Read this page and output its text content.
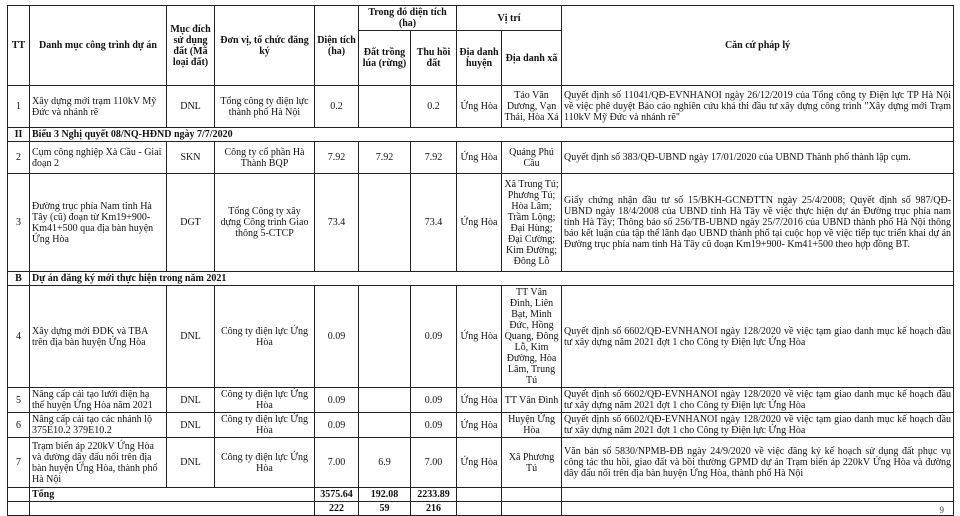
TT	Danh mục công trình dự án	Mục đích sử dụng đất (Mã loại đất)	Đơn vị, tổ chức đăng ký	Diện tích (ha)	Trong đó diện tích (ha)		Vị trí		Căn cứ pháp lý
					Đất trồng lúa (rừng)	Thu hồi đất	Địa danh huyện	Địa danh xã	
1	Xây dựng mới trạm 110kV Mỹ Đức và nhánh rẽ	DNL	Tổng công ty điện lực thành phố Hà Nội	0.2		0.2	Ứng Hòa	Tảo Văn Dương, Vạn Thái, Hòa Xá	Quyết định số 11041/QĐ-EVNHANOI ngày 26/12/2019 của Tổng công ty Điện lực TP Hà Nội về việc phê duyệt Báo cáo nghiên cứu khả thi đầu tư xây dựng công trình "Xây dựng mới Trạm 110kV Mỹ Đức và nhánh rẽ"
II	Biểu 3 Nghị quyết 08/NQ-HĐND ngày 7/7/2020								
2	Cụm công nghiệp Xà Cầu - Giai đoạn 2	SKN	Công ty cổ phần Hà Thành BQP	7.92	7.92	7.92	Ứng Hòa	Quảng Phú Cầu	Quyết định số 383/QĐ-UBND ngày 17/01/2020 của UBND Thành phố thành lập cụm.
3	Đường trục phía Nam tỉnh Hà Tây (cũ) đoạn từ Km19+900-Km41+500 qua địa bàn huyện Ứng Hòa	DGT	Tổng Công ty xây dựng Công trình Giao thông 5-CTCP	73.4		73.4	Ứng Hòa	Xã Trung Tú; Phương Tú; Hòa Lâm; Trầm Lộng; Đại Hùng; Đại Cường; Kim Đường; Đông Lỗ	Giấy chứng nhận đầu tư số 15/BKH-GCNĐTTN ngày 25/4/2008; Quyết định số 987/QĐ-UBND ngày 18/4/2008 của UBND tỉnh Hà Tây về việc thực hiện dự án Đường trục phía nam tỉnh Hà Tây; Thông báo số 256/TB-UBND ngày 25/7/2016 của UBND thành phố Hà Nội thông báo kết luận của tập thể lãnh đạo UBND thành phố tại cuộc họp về việc tiếp tục triển khai dự án Đường trục phía nam tỉnh Hà Tây cũ đoạn Km19+900- Km41+500 theo hợp đồng BT.
B	Dự án đăng ký mới thực hiện trong năm 2021								
4	Xây dựng mới ĐDK và TBA trên địa bàn huyện Ứng Hòa	DNL	Công ty điện lực Ứng Hòa	0.09		0.09	Ứng Hòa	TT Vân Đình, Liên Bạt, Minh Đức, Hồng Quang, Đông Lỗ, Kim Đường, Hòa Lâm, Trung Tú	Quyết định số 6602/QĐ-EVNHANOI ngày 128/2020 về việc tạm giao danh mục kế hoạch đầu tư xây dựng năm 2021 đợt 1 cho Công ty Điện lực Ứng Hòa
5	Nâng cấp cải tạo lưới điện hạ thế huyện Ứng Hòa năm 2021	DNL	Công ty điện lực Ứng Hòa	0.09		0.09	Ứng Hòa	TT Vân Đình	Quyết định số 6602/QĐ-EVNHANOI ngày 128/2020 về việc tạm giao danh mục kế hoạch đầu tư xây dựng năm 2021 đợt 1 cho Công ty Điện lực Ứng Hòa
6	Nâng cấp cải tạo các nhánh lộ 375E10.2 379E10.2	DNL	Công ty điện lực Ứng Hòa	0.09		0.09	Ứng Hòa	Huyện Ứng Hòa	Quyết định số 6602/QĐ-EVNHANOI ngày 128/2020 về việc tạm giao danh mục kế hoạch đầu tư xây dựng năm 2021 đợt 1 cho Công ty Điện lực Ứng Hòa
7	Trạm biến áp 220kV Ứng Hòa và đường dây đấu nối trên địa bàn huyện Ứng Hòa, thành phố Hà Nội	DNL	Công ty điện lực Ứng Hòa	7.00	6.9	7.00	Ứng Hòa	Xã Phương Tú	Văn bản số 5830/NPMB-ĐB ngày 24/9/2020 về việc đăng ký kế hoạch sử dụng đất phục vụ công tác thu hồi, giao đất và bồi thường GPMD dự án Trạm biến áp 220kV Ứng Hòa và đường dây đấu nối trên địa bàn huyện Ứng Hòa, thành phố Hà Nội
	Tổng			3575.64	192.08	2233.89			
				222	59	216				9
